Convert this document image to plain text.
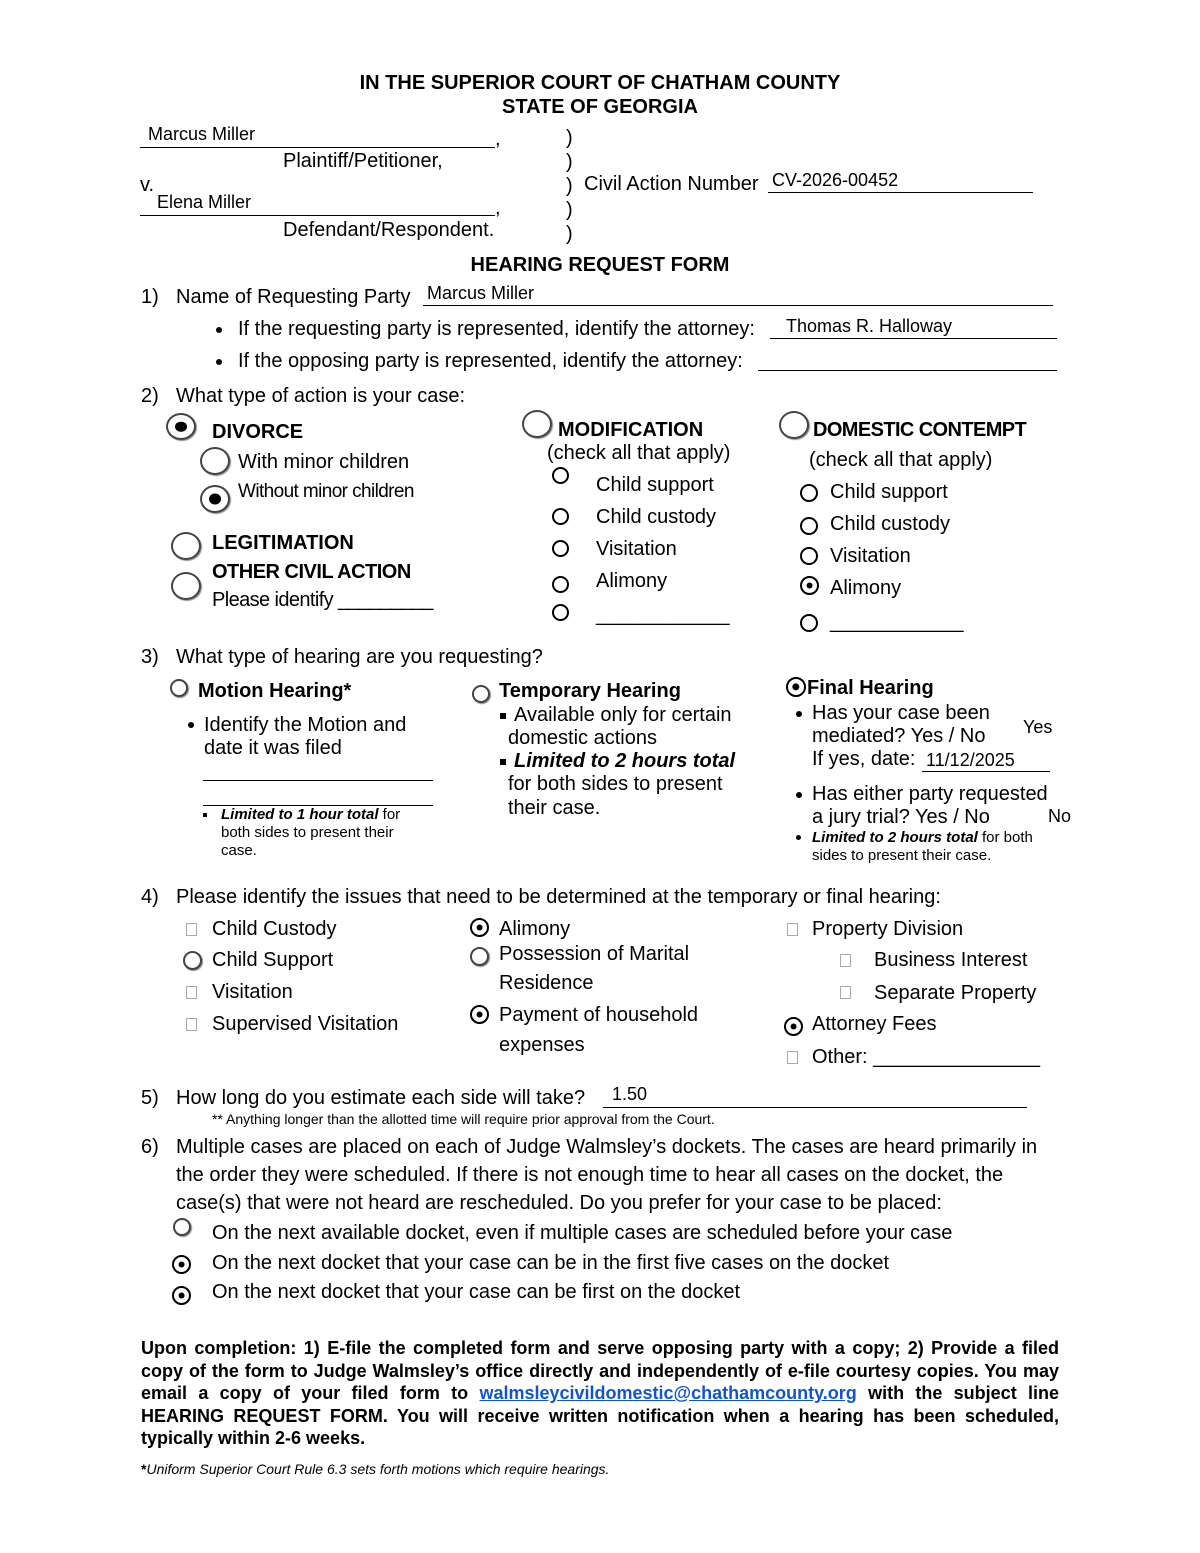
IN THE SUPERIOR COURT OF CHATHAM COUNTY
STATE OF GEORGIA
Marcus Miller	,
Plaintiff/Petitioner,
v.
Elena Miller	,
Defendant/Respondent.
)
)
)
)
)
Civil Action Number CV-2026-00452
HEARING REQUEST FORM
1) Name of Requesting Party Marcus Miller
If the requesting party is represented, identify the attorney: Thomas R. Halloway
If the opposing party is represented, identify the attorney:
2) What type of action is your case:
DIVORCE
With minor children
Without minor children
LEGITIMATION
OTHER CIVIL ACTION
Please identify _________
MODIFICATION
(check all that apply)
Child support
Child custody
Visitation
Alimony
____________
DOMESTIC CONTEMPT
(check all that apply)
Child support
Child custody
Visitation
Alimony
____________
3) What type of hearing are you requesting?
Motion Hearing*
Identify the Motion and
date it was filed
Limited to 1 hour total for
both sides to present their
case.
Temporary Hearing
Available only for certain
domestic actions
Limited to 2 hours total
for both sides to present
their case.
Final Hearing
Has your case been
mediated? Yes / No Yes
If yes, date: 11/12/2025
Has either party requested
a jury trial? Yes / No	No
Limited to 2 hours total for both
sides to present their case.
4) Please identify the issues that need to be determined at the temporary or final hearing:
Child Custody
Child Support
Visitation
Supervised Visitation
Alimony
Possession of Marital
Residence
Payment of household
expenses
Property Division
Business Interest
Separate Property
Attorney Fees
Other: _______________
5) How long do you estimate each side will take? 1.50
** Anything longer than the allotted time will require prior approval from the Court.
6) Multiple cases are placed on each of Judge Walmsley’s dockets. The cases are heard primarily in
the order they were scheduled. If there is not enough time to hear all cases on the docket, the
case(s) that were not heard are rescheduled. Do you prefer for your case to be placed:
On the next available docket, even if multiple cases are scheduled before your case
On the next docket that your case can be in the first five cases on the docket
On the next docket that your case can be first on the docket
Upon completion: 1) E-file the completed form and serve opposing party with a copy; 2) Provide a filed copy of the form to Judge Walmsley’s office directly and independently of e-file courtesy copies. You may email a copy of your filed form to walmsleycivildomestic@chathamcounty.org with the subject line HEARING REQUEST FORM. You will receive written notification when a hearing has been scheduled, typically within 2-6 weeks.
*Uniform Superior Court Rule 6.3 sets forth motions which require hearings.
